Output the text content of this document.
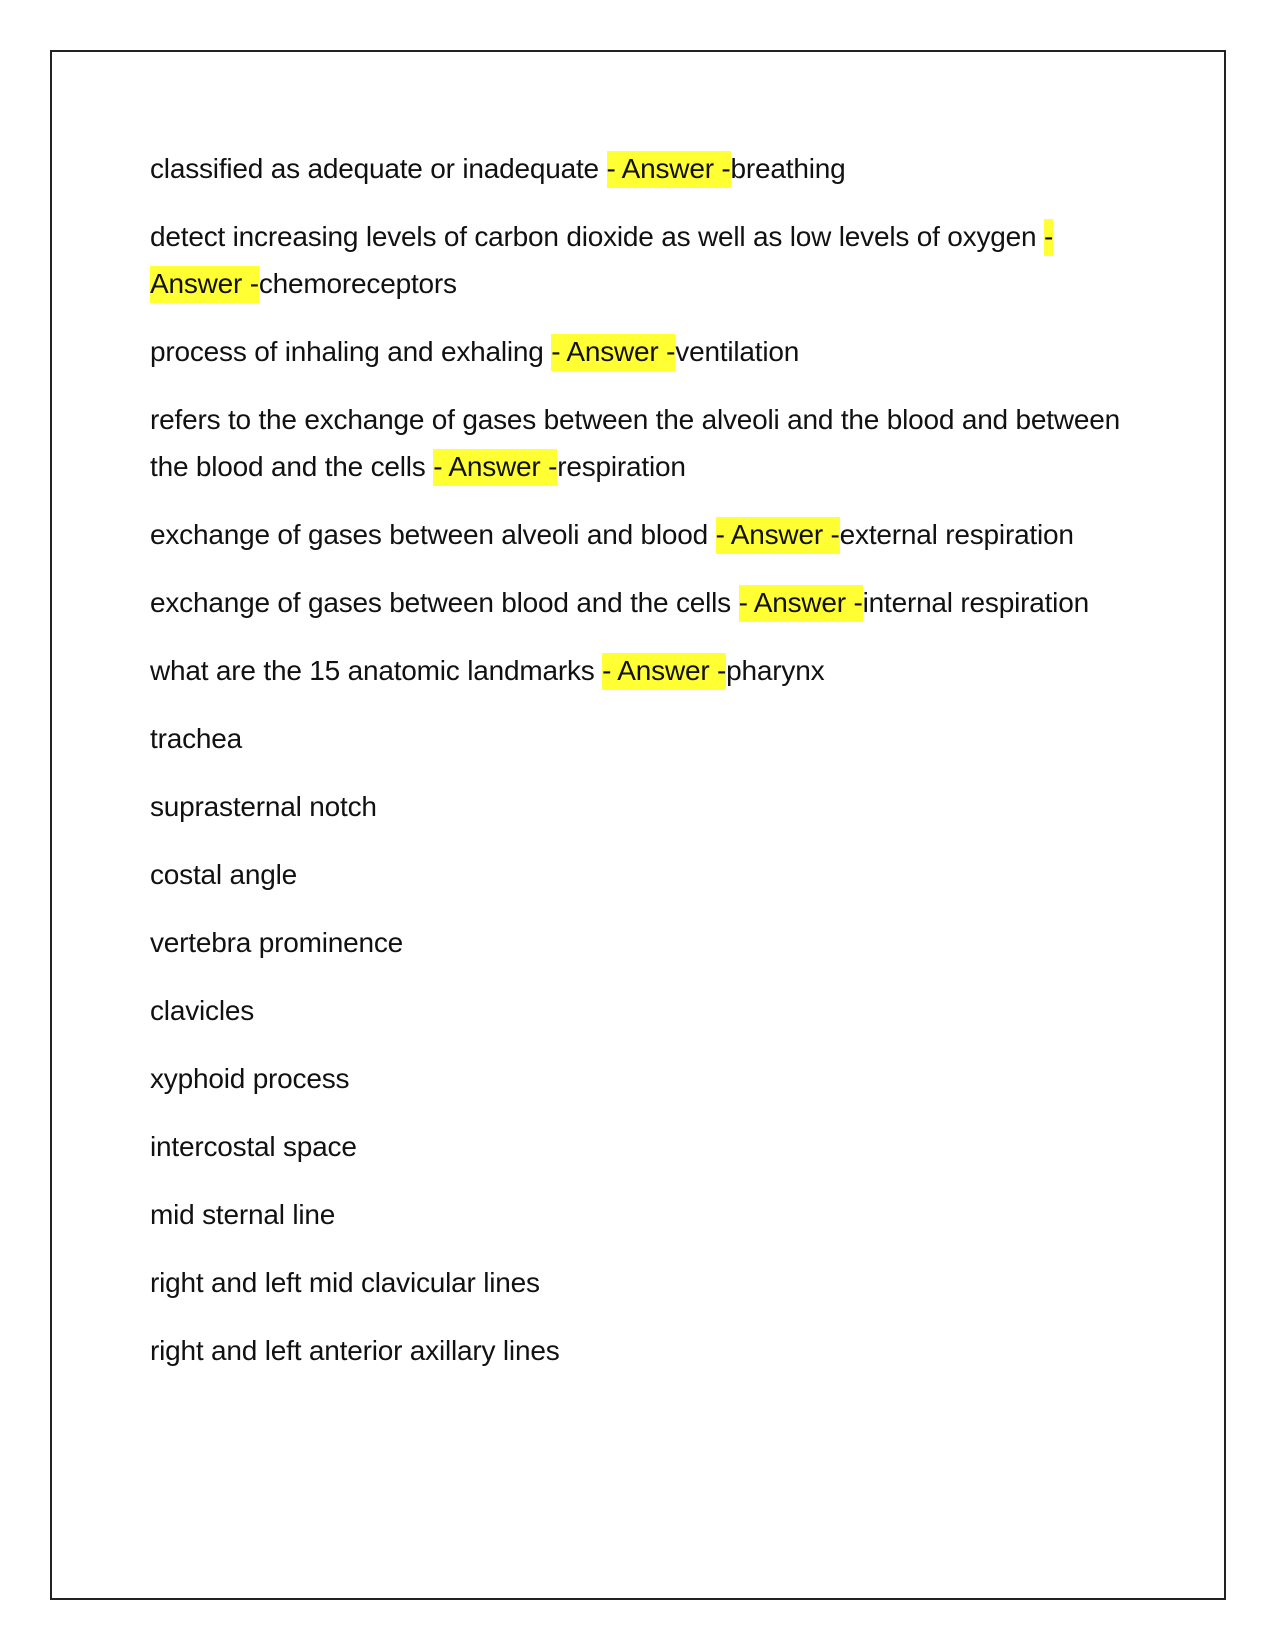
classified as adequate or inadequate - Answer -breathing

detect increasing levels of carbon dioxide as well as low levels of oxygen - Answer -chemoreceptors

process of inhaling and exhaling - Answer -ventilation

refers to the exchange of gases between the alveoli and the blood and between the blood and the cells - Answer -respiration

exchange of gases between alveoli and blood - Answer -external respiration

exchange of gases between blood and the cells - Answer -internal respiration

what are the 15 anatomic landmarks - Answer -pharynx

trachea

suprasternal notch

costal angle

vertebra prominence

clavicles

xyphoid process

intercostal space

mid sternal line

right and left mid clavicular lines

right and left anterior axillary lines
